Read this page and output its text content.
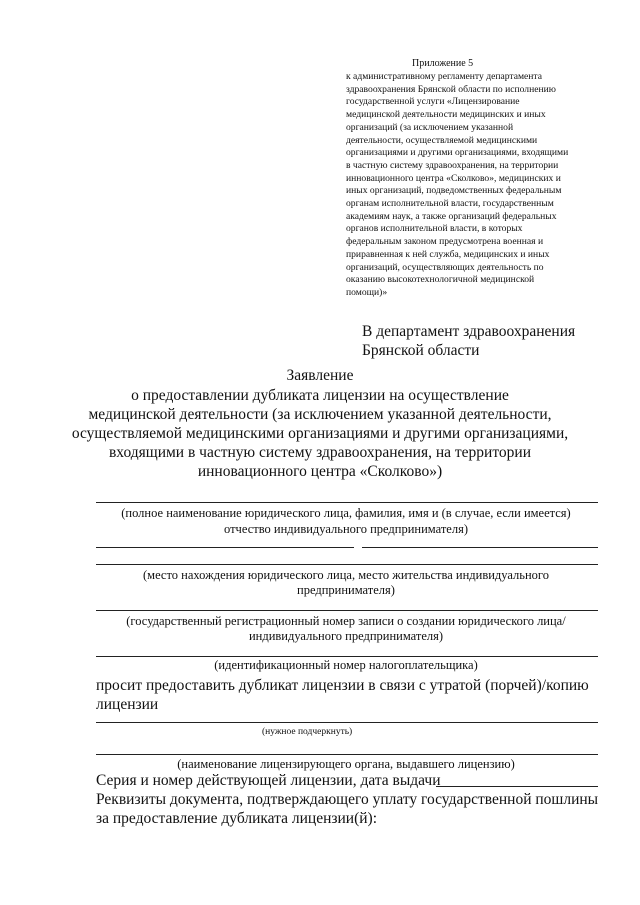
Приложение 5
к административному регламенту департамента
здравоохранения Брянской области по исполнению
государственной услуги «Лицензирование
медицинской деятельности медицинских и иных
организаций (за исключением указанной
деятельности, осуществляемой медицинскими
организациями и другими организациями, входящими
в частную систему здравоохранения, на территории
инновационного центра «Сколково», медицинских и
иных организаций, подведомственных федеральным
органам исполнительной власти, государственным
академиям наук, а также организаций федеральных
органов исполнительной власти, в которых
федеральным законом предусмотрена военная и
приравненная к ней служба, медицинских и иных
организаций, осуществляющих деятельность по
оказанию высокотехнологичной медицинской
помощи)»
В департамент здравоохранения
Брянской области
Заявление
о предоставлении дубликата лицензии на осуществление
медицинской деятельности (за исключением указанной деятельности,
осуществляемой медицинскими организациями и другими организациями,
входящими в частную систему здравоохранения, на территории
инновационного центра «Сколково»)
(полное наименование юридического лица, фамилия, имя и (в случае, если имеется)
отчество индивидуального предпринимателя)
(место нахождения юридического лица, место жительства индивидуального
предпринимателя)
(государственный регистрационный номер записи о создании юридического лица/
индивидуального предпринимателя)
(идентификационный номер налогоплательщика)
просит предоставить дубликат лицензии в связи с утратой (порчей)/копию
лицензии
(нужное подчеркнуть)
(наименование лицензирующего органа, выдавшего лицензию)
Серия и номер действующей лицензии, дата выдачи
Реквизиты документа, подтверждающего уплату государственной пошлины
за предоставление дубликата лицензии(й):
